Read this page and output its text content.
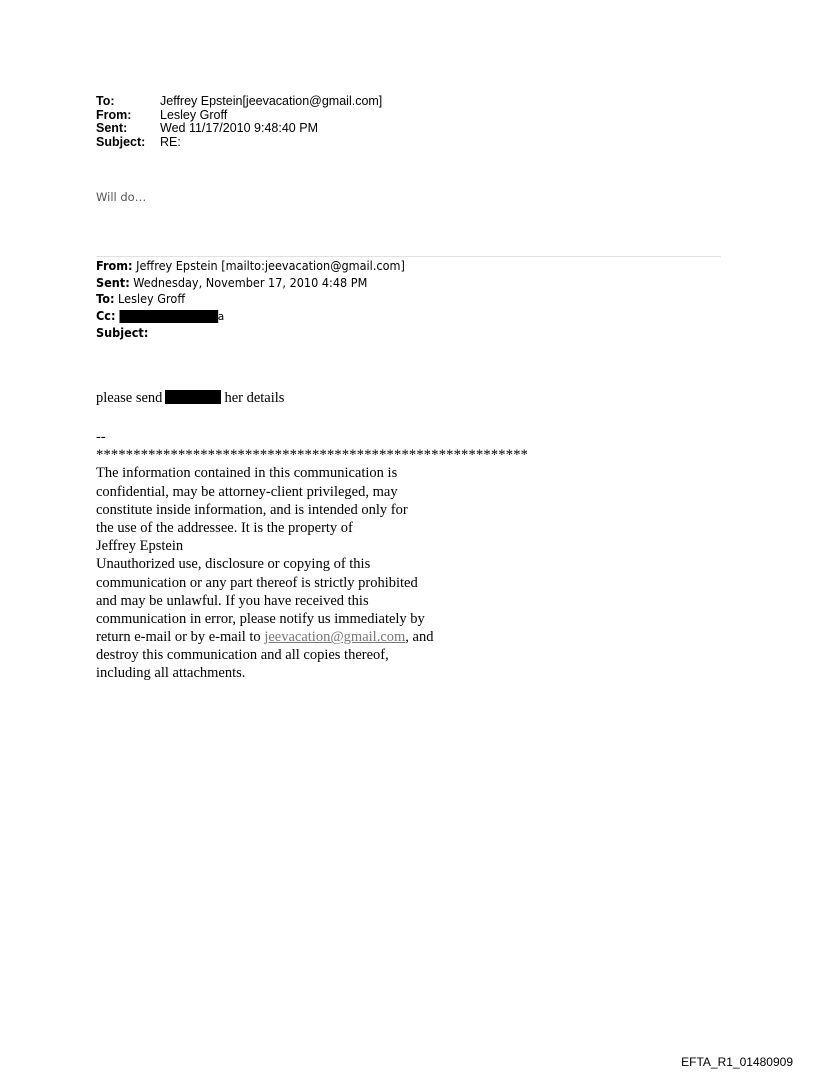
To:	Jeffrey Epstein[jeevacation@gmail.com]
From:	Lesley Groff
Sent:	Wed 11/17/2010 9:48:40 PM
Subject:	RE:
Will do…
From: Jeffrey Epstein [mailto:jeevacation@gmail.com]
Sent: Wednesday, November 17, 2010 4:48 PM
To: Lesley Groff
Cc:	a
Subject:
please send	her details
--
**********************************************************
The information contained in this communication is
confidential, may be attorney-client privileged, may
constitute inside information, and is intended only for
the use of the addressee. It is the property of
Jeffrey Epstein
Unauthorized use, disclosure or copying of this
communication or any part thereof is strictly prohibited
and may be unlawful. If you have received this
communication in error, please notify us immediately by
return e-mail or by e-mail to jeevacation@gmail.com, and
destroy this communication and all copies thereof,
including all attachments.
EFTA_R1_01480909
